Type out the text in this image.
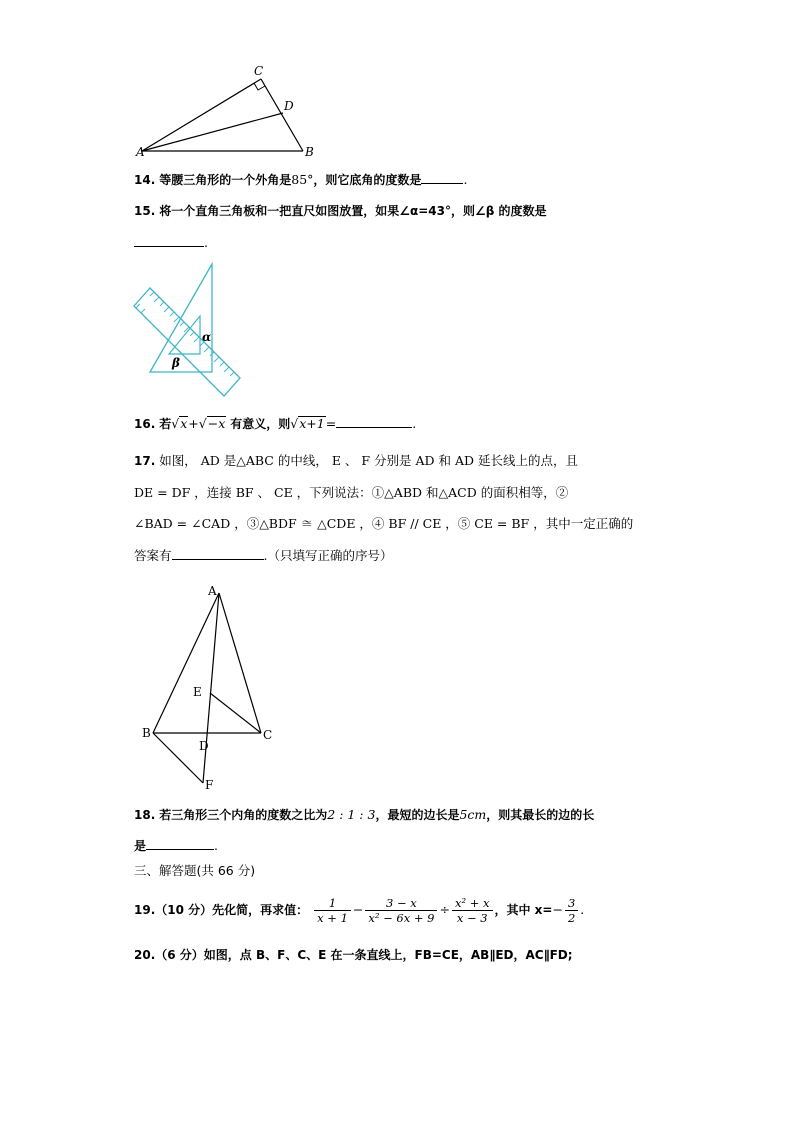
C
D
A	B
14. 等腰三角形的一个外角是85°，则它底角的度数是	.
15. 将一个直角三角板和一把直尺如图放置，如果∠α=43°，则∠β 的度数是
.
α
β
16. 若√x+√−x 有意义，则√x+1=	.
17. 如图， AD 是△ABC 的中线， E 、 F 分别是 AD 和 AD 延长线上的点，且
DE = DF ，连接 BF 、 CE ，下列说法：①△ABD 和△ACD 的面积相等，②
∠BAD = ∠CAD ，③△BDF ≅ △CDE ，④ BF // CE ，⑤ CE = BF ，其中一定正确的
答案有	.（只填写正确的序号）
A
E
B
D
C
F
18. 若三角形三个内角的度数之比为2 : 1 : 3，最短的边长是5cm，则其最长的边的长
是	.
三、解答题(共 66 分)
19.（10 分）先化简，再求值： $\frac{1}{x + 1} - \frac{3 - x}{\text{x² − 6x + 9}} \div \frac{\text{x² + x}}{x - 3}$ ，其中 $x=- \frac{3}{2}$ .
20.（6 分）如图，点 B、F、C、E 在一条直线上，FB=CE，AB∥ED，AC∥FD;
